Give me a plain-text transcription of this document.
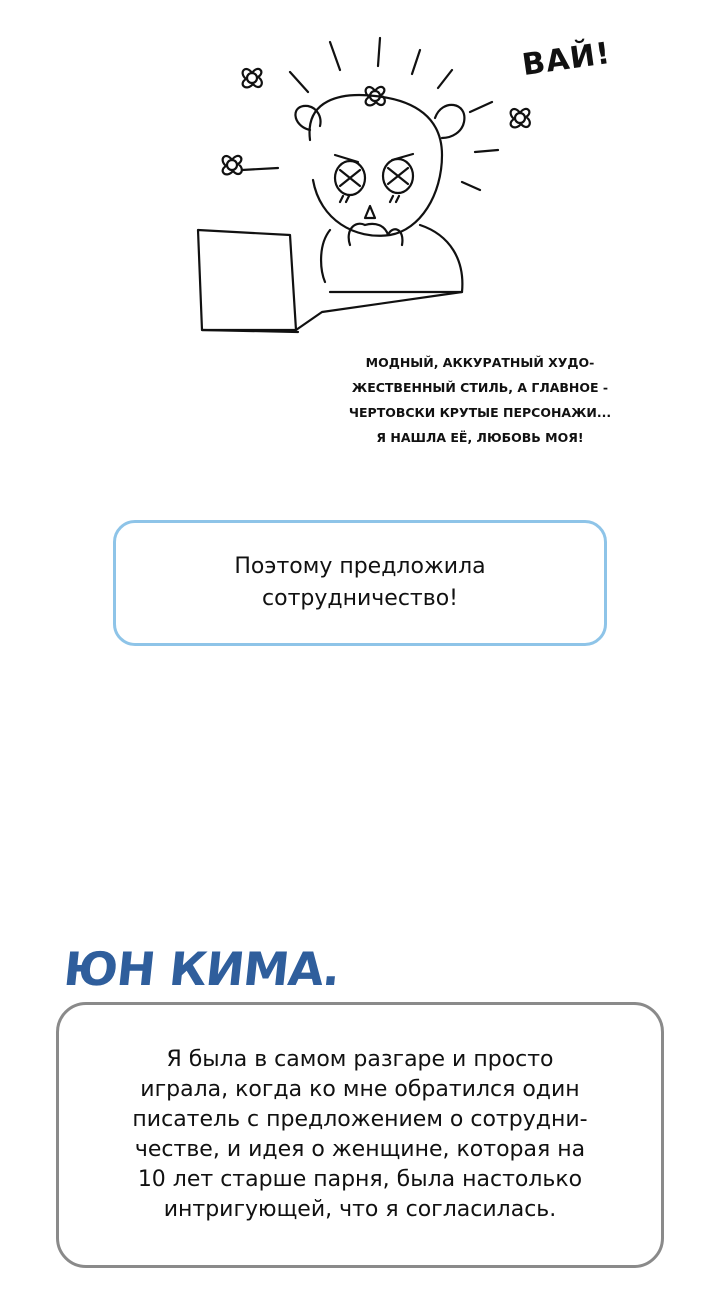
ВАЙ!
МОДНЫЙ, АККУРАТНЫЙ ХУДО-
ЖЕСТВЕННЫЙ СТИЛЬ, А ГЛАВНОЕ -
ЧЕРТОВСКИ КРУТЫЕ ПЕРСОНАЖИ...
Я НАШЛА ЕЁ, ЛЮБОВЬ МОЯ!
Поэтому предложила
сотрудничество!
ЮН КИМА.
Я была в самом разгаре и просто
играла, когда ко мне обратился один
писатель с предложением о сотрудни-
честве, и идея о женщине, которая на
10 лет старше парня, была настолько
интригующей, что я согласилась.
